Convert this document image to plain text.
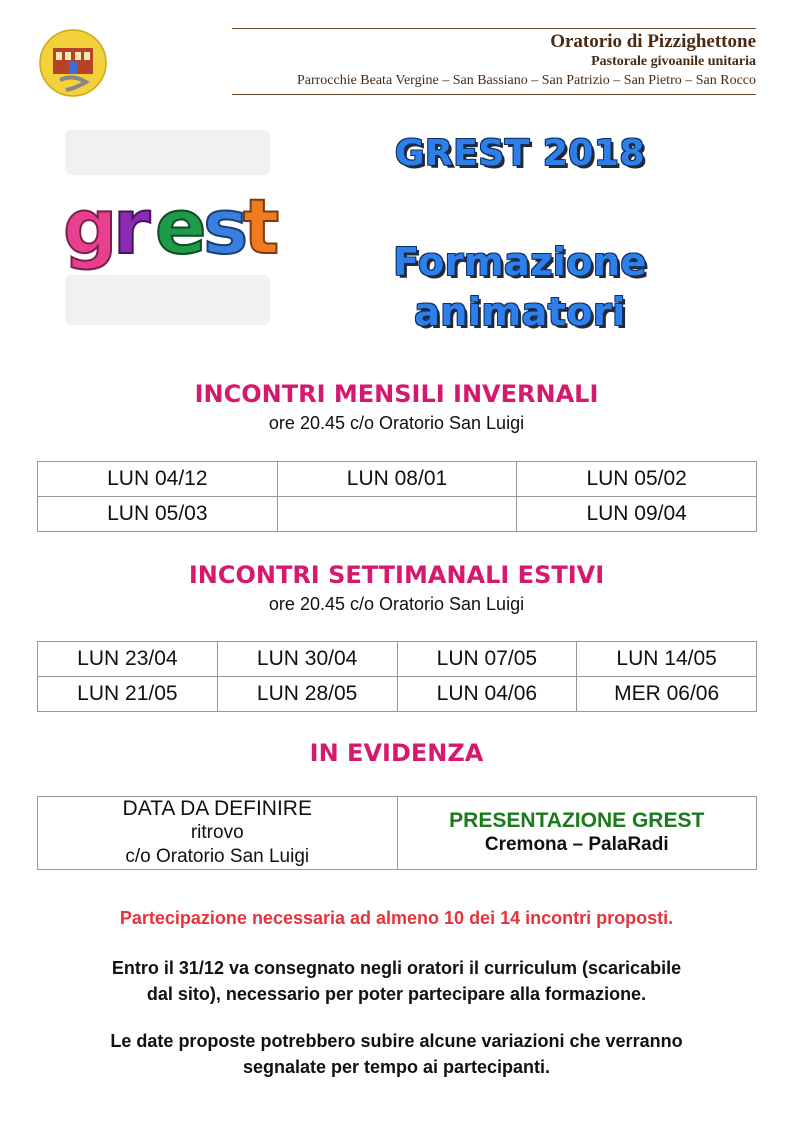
Oratorio di Pizzighettone
Pastorale givoanile unitaria
Parrocchie Beata Vergine – San Bassiano – San Patrizio – San Pietro – San Rocco
g
r e
s
t
GREST 2018
Formazione
animatori
INCONTRI MENSILI INVERNALI
ore 20.45 c/o Oratorio San Luigi
LUN 04/12	LUN 08/01	LUN 05/02
LUN 05/03		LUN 09/04
INCONTRI SETTIMANALI ESTIVI
ore 20.45 c/o Oratorio San Luigi
LUN 23/04	LUN 30/04	LUN 07/05	LUN 14/05
LUN 21/05	LUN 28/05	LUN 04/06	MER 06/06
IN EVIDENZA
DATA DA DEFINIRE
ritrovo
c/o Oratorio San Luigi

PRESENTAZIONE GREST
Cremona – PalaRadi
Partecipazione necessaria ad almeno 10 dei 14 incontri proposti.
Entro il 31/12 va consegnato negli oratori il curriculum (scaricabile
dal sito), necessario per poter partecipare alla formazione.
Le date proposte potrebbero subire alcune variazioni che verranno
segnalate per tempo ai partecipanti.
